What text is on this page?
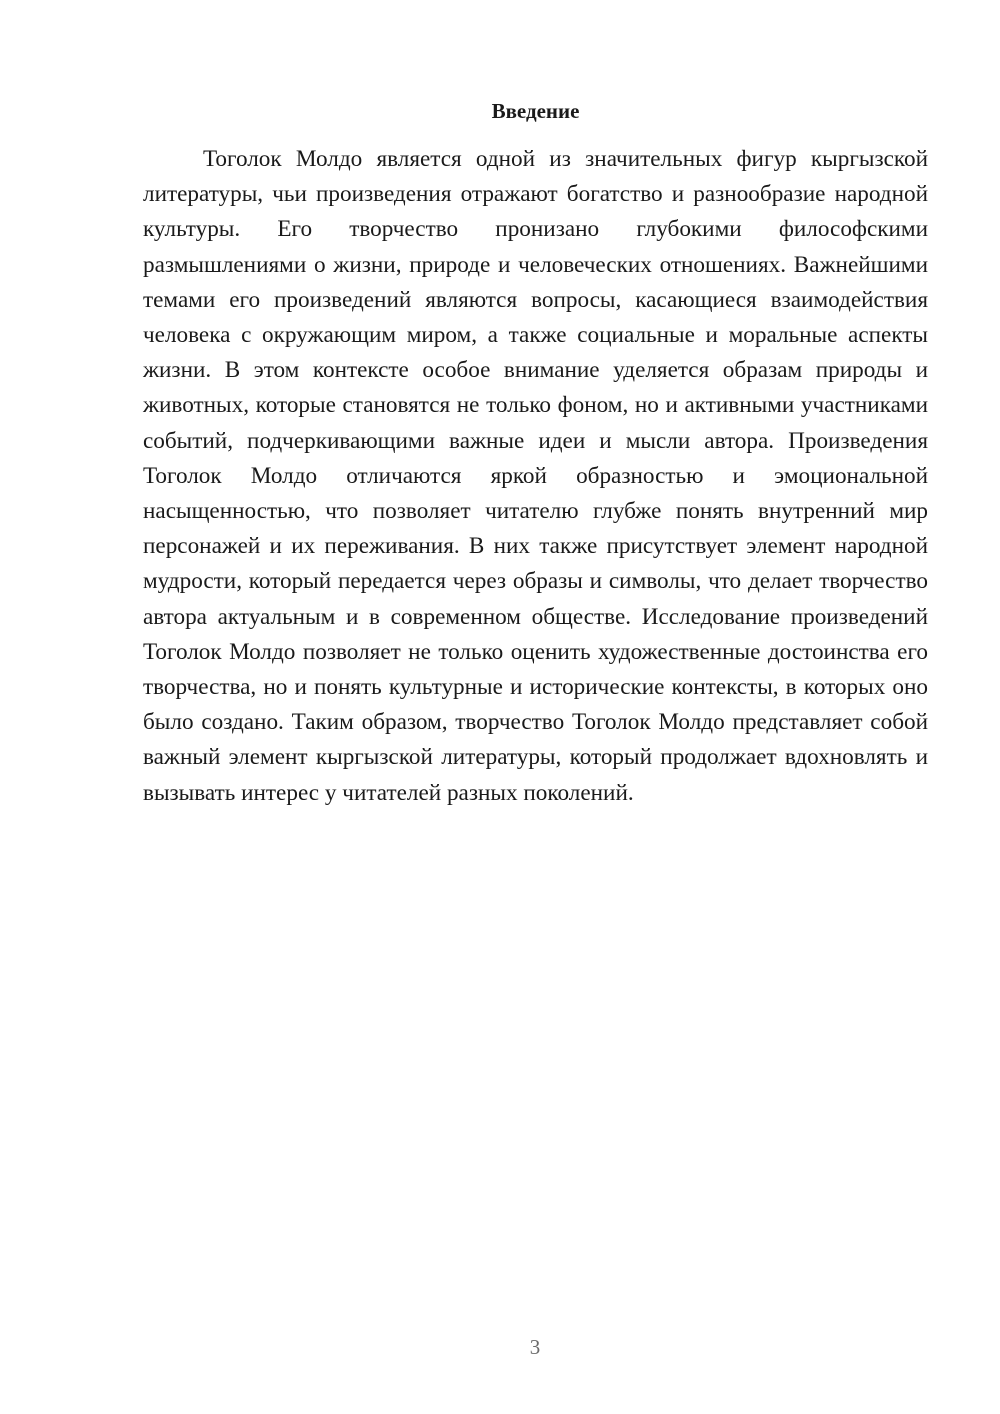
Введение

Тоголок Молдо является одной из значительных фигур кыргызской литературы, чьи произведения отражают богатство и разнообразие народной культуры. Его творчество пронизано глубокими философскими размышлениями о жизни, природе и человеческих отношениях. Важнейшими темами его произведений являются вопросы, касающиеся взаимодействия человека с окружающим миром, а также социальные и моральные аспекты жизни. В этом контексте особое внимание уделяется образам природы и животных, которые становятся не только фоном, но и активными участниками событий, подчеркивающими важные идеи и мысли автора. Произведения Тоголок Молдо отличаются яркой образностью и эмоциональной насыщенностью, что позволяет читателю глубже понять внутренний мир персонажей и их переживания. В них также присутствует элемент народной мудрости, который передается через образы и символы, что делает творчество автора актуальным и в современном обществе. Исследование произведений Тоголок Молдо позволяет не только оценить художественные достоинства его творчества, но и понять культурные и исторические контексты, в которых оно было создано. Таким образом, творчество Тоголок Молдо представляет собой важный элемент кыргызской литературы, который продолжает вдохновлять и вызывать интерес у читателей разных поколений.

3
